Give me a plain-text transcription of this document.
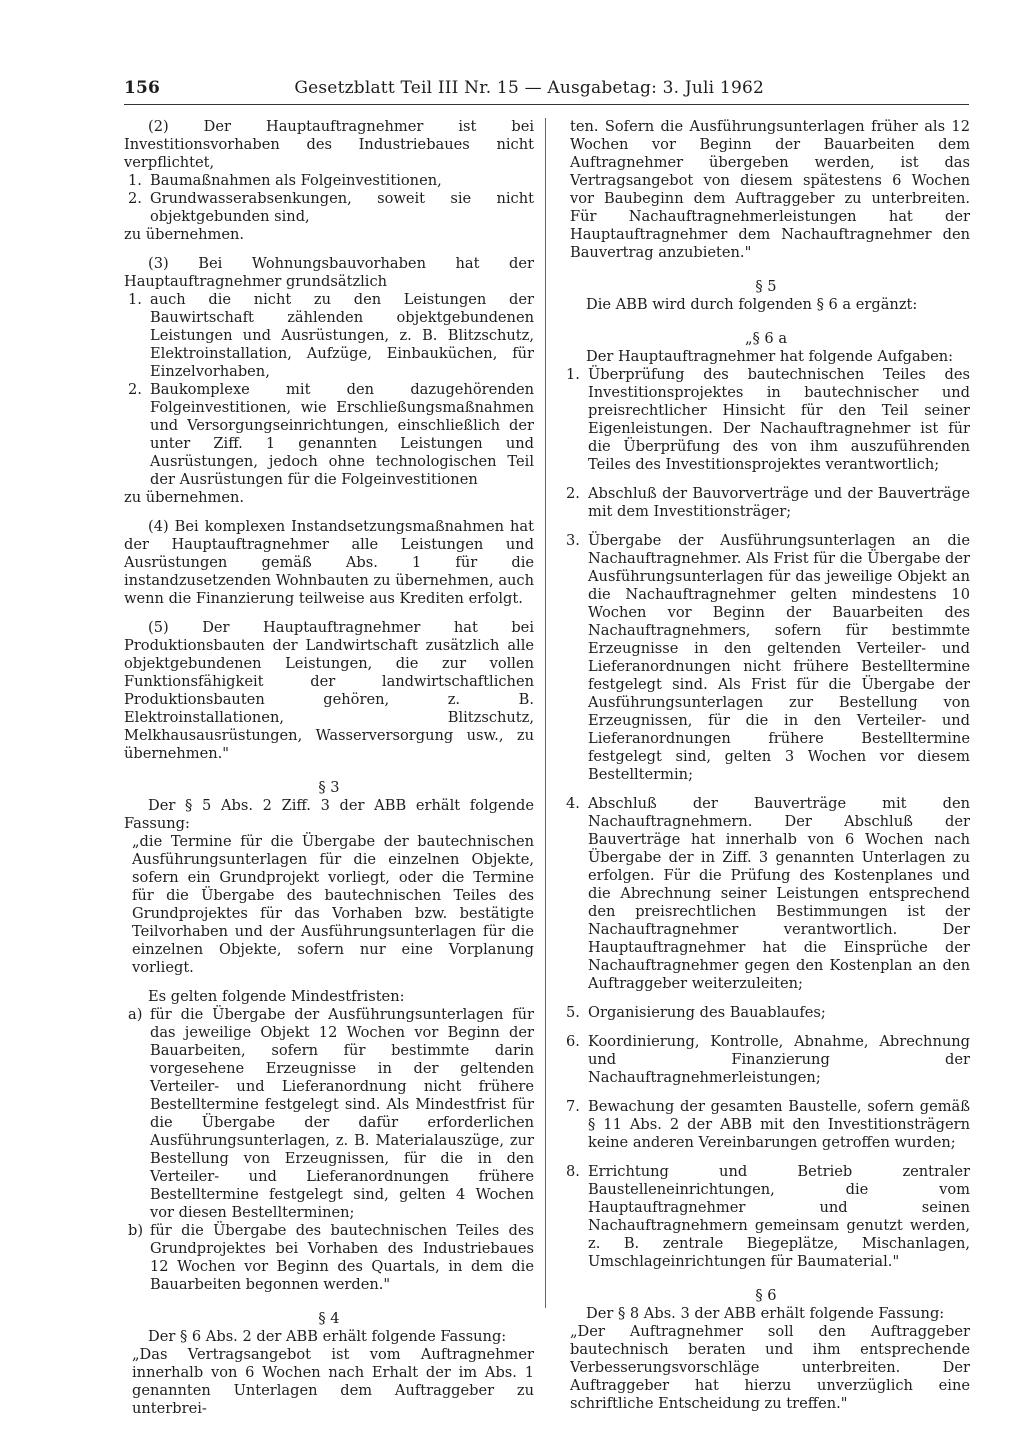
156	Gesetzblatt Teil III Nr. 15 — Ausgabetag: 3. Juli 1962

(2) Der Hauptauftragnehmer ist bei Investitionsvorhaben des Industriebaues nicht verpflichtet,

1. Baumaßnahmen als Folgeinvestitionen,
2. Grundwasserabsenkungen, soweit sie nicht objektgebunden sind,

zu übernehmen.

(3) Bei Wohnungsbauvorhaben hat der Hauptauftragnehmer grundsätzlich

1. auch die nicht zu den Leistungen der Bauwirtschaft zählenden objektgebundenen Leistungen und Ausrüstungen, z. B. Blitzschutz, Elektroinstallation, Aufzüge, Einbauküchen, für Einzelvorhaben,
2. Baukomplexe mit den dazugehörenden Folgeinvestitionen, wie Erschließungsmaßnahmen und Versorgungseinrichtungen, einschließlich der unter Ziff. 1 genannten Leistungen und Ausrüstungen, jedoch ohne technologischen Teil der Ausrüstungen für die Folgeinvestitionen

zu übernehmen.

(4) Bei komplexen Instandsetzungsmaßnahmen hat der Hauptauftragnehmer alle Leistungen und Ausrüstungen gemäß Abs. 1 für die instandzusetzenden Wohnbauten zu übernehmen, auch wenn die Finanzierung teilweise aus Krediten erfolgt.

(5) Der Hauptauftragnehmer hat bei Produktionsbauten der Landwirtschaft zusätzlich alle objektgebundenen Leistungen, die zur vollen Funktionsfähigkeit der landwirtschaftlichen Produktionsbauten gehören, z. B. Elektroinstallationen, Blitzschutz, Melkhausausrüstungen, Wasserversorgung usw., zu übernehmen."

§ 3

Der § 5 Abs. 2 Ziff. 3 der ABB erhält folgende Fassung:

„die Termine für die Übergabe der bautechnischen Ausführungsunterlagen für die einzelnen Objekte, sofern ein Grundprojekt vorliegt, oder die Termine für die Übergabe des bautechnischen Teiles des Grundprojektes für das Vorhaben bzw. bestätigte Teilvorhaben und der Ausführungsunterlagen für die einzelnen Objekte, sofern nur eine Vorplanung vorliegt.

Es gelten folgende Mindestfristen:

a) für die Übergabe der Ausführungsunterlagen für das jeweilige Objekt 12 Wochen vor Beginn der Bauarbeiten, sofern für bestimmte darin vorgesehene Erzeugnisse in der geltenden Verteiler- und Lieferanordnung nicht frühere Bestelltermine festgelegt sind. Als Mindestfrist für die Übergabe der dafür erforderlichen Ausführungsunterlagen, z. B. Materialauszüge, zur Bestellung von Erzeugnissen, für die in den Verteiler- und Lieferanordnungen frühere Bestelltermine festgelegt sind, gelten 4 Wochen vor diesen Bestellterminen;
b) für die Übergabe des bautechnischen Teiles des Grundprojektes bei Vorhaben des Industriebaues 12 Wochen vor Beginn des Quartals, in dem die Bauarbeiten begonnen werden."

§ 4

Der § 6 Abs. 2 der ABB erhält folgende Fassung:

„Das Vertragsangebot ist vom Auftragnehmer innerhalb von 6 Wochen nach Erhalt der im Abs. 1 genannten Unterlagen dem Auftraggeber zu unterbrei-

ten. Sofern die Ausführungsunterlagen früher als 12 Wochen vor Beginn der Bauarbeiten dem Auftragnehmer übergeben werden, ist das Vertragsangebot von diesem spätestens 6 Wochen vor Baubeginn dem Auftraggeber zu unterbreiten. Für Nachauftragnehmerleistungen hat der Hauptauftragnehmer dem Nachauftragnehmer den Bauvertrag anzubieten."

§ 5

Die ABB wird durch folgenden § 6 a ergänzt:

„§ 6 a

Der Hauptauftragnehmer hat folgende Aufgaben:

1. Überprüfung des bautechnischen Teiles des Investitionsprojektes in bautechnischer und preisrechtlicher Hinsicht für den Teil seiner Eigenleistungen. Der Nachauftragnehmer ist für die Überprüfung des von ihm auszuführenden Teiles des Investitionsprojektes verantwortlich;
2. Abschluß der Bauvorverträge und der Bauverträge mit dem Investitionsträger;
3. Übergabe der Ausführungsunterlagen an die Nachauftragnehmer. Als Frist für die Übergabe der Ausführungsunterlagen für das jeweilige Objekt an die Nachauftragnehmer gelten mindestens 10 Wochen vor Beginn der Bauarbeiten des Nachauftragnehmers, sofern für bestimmte Erzeugnisse in den geltenden Verteiler- und Lieferanordnungen nicht frühere Bestelltermine festgelegt sind. Als Frist für die Übergabe der Ausführungsunterlagen zur Bestellung von Erzeugnissen, für die in den Verteiler- und Lieferanordnungen frühere Bestelltermine festgelegt sind, gelten 3 Wochen vor diesem Bestelltermin;
4. Abschluß der Bauverträge mit den Nachauftragnehmern. Der Abschluß der Bauverträge hat innerhalb von 6 Wochen nach Übergabe der in Ziff. 3 genannten Unterlagen zu erfolgen. Für die Prüfung des Kostenplanes und die Abrechnung seiner Leistungen entsprechend den preisrechtlichen Bestimmungen ist der Nachauftragnehmer verantwortlich. Der Hauptauftragnehmer hat die Einsprüche der Nachauftragnehmer gegen den Kostenplan an den Auftraggeber weiterzuleiten;
5. Organisierung des Bauablaufes;
6. Koordinierung, Kontrolle, Abnahme, Abrechnung und Finanzierung der Nachauftragnehmerleistungen;
7. Bewachung der gesamten Baustelle, sofern gemäß § 11 Abs. 2 der ABB mit den Investitionsträgern keine anderen Vereinbarungen getroffen wurden;
8. Errichtung und Betrieb zentraler Baustelleneinrichtungen, die vom Hauptauftragnehmer und seinen Nachauftragnehmern gemeinsam genutzt werden, z. B. zentrale Biegeplätze, Mischanlagen, Umschlageinrichtungen für Baumaterial."

§ 6

Der § 8 Abs. 3 der ABB erhält folgende Fassung:

„Der Auftragnehmer soll den Auftraggeber bautechnisch beraten und ihm entsprechende Verbesserungsvorschläge unterbreiten. Der Auftraggeber hat hierzu unverzüglich eine schriftliche Entscheidung zu treffen."
